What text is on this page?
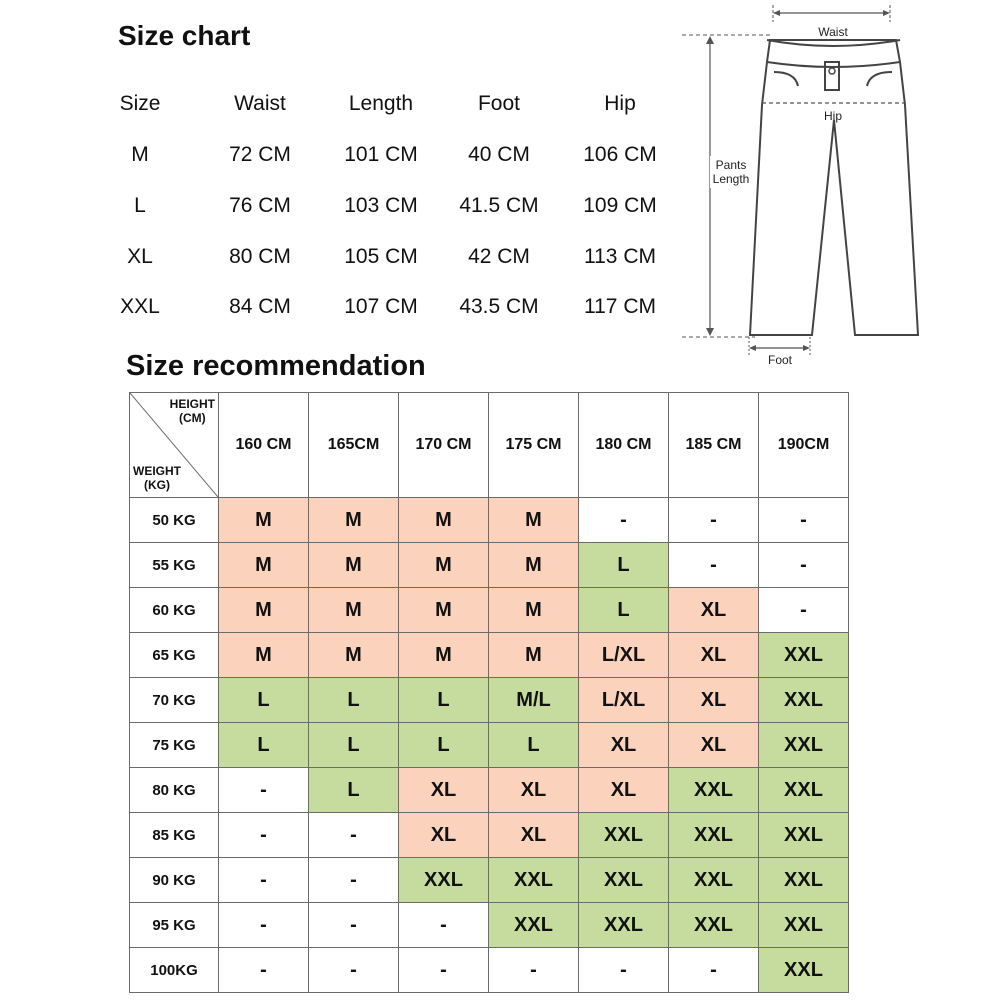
Size chart
Size	Waist	Length	Foot	Hip
M	72 CM	101 CM	40 CM	106 CM
L	76 CM	103 CM	41.5 CM	109 CM
XL	80 CM	105 CM	42 CM	113 CM
XXL	84 CM	107 CM	43.5 CM	117 CM
Waist
Hip
Pants
Length
Foot
Size recommendation
HEIGHT
(CM)
WEIGHT
(KG)	160 CM	165CM	170 CM	175 CM	180 CM	185 CM	190CM
50 KG	M	M	M	M	-	-	-
55 KG	M	M	M	M	L	-	-
60 KG	M	M	M	M	L	XL	-
65 KG	M	M	M	M	L/XL	XL	XXL
70 KG	L	L	L	M/L	L/XL	XL	XXL
75 KG	L	L	L	L	XL	XL	XXL
80 KG	-	L	XL	XL	XL	XXL	XXL
85 KG	-	-	XL	XL	XXL	XXL	XXL
90 KG	-	-	XXL	XXL	XXL	XXL	XXL
95 KG	-	-	-	XXL	XXL	XXL	XXL
100KG	-	-	-	-	-	-	XXL
